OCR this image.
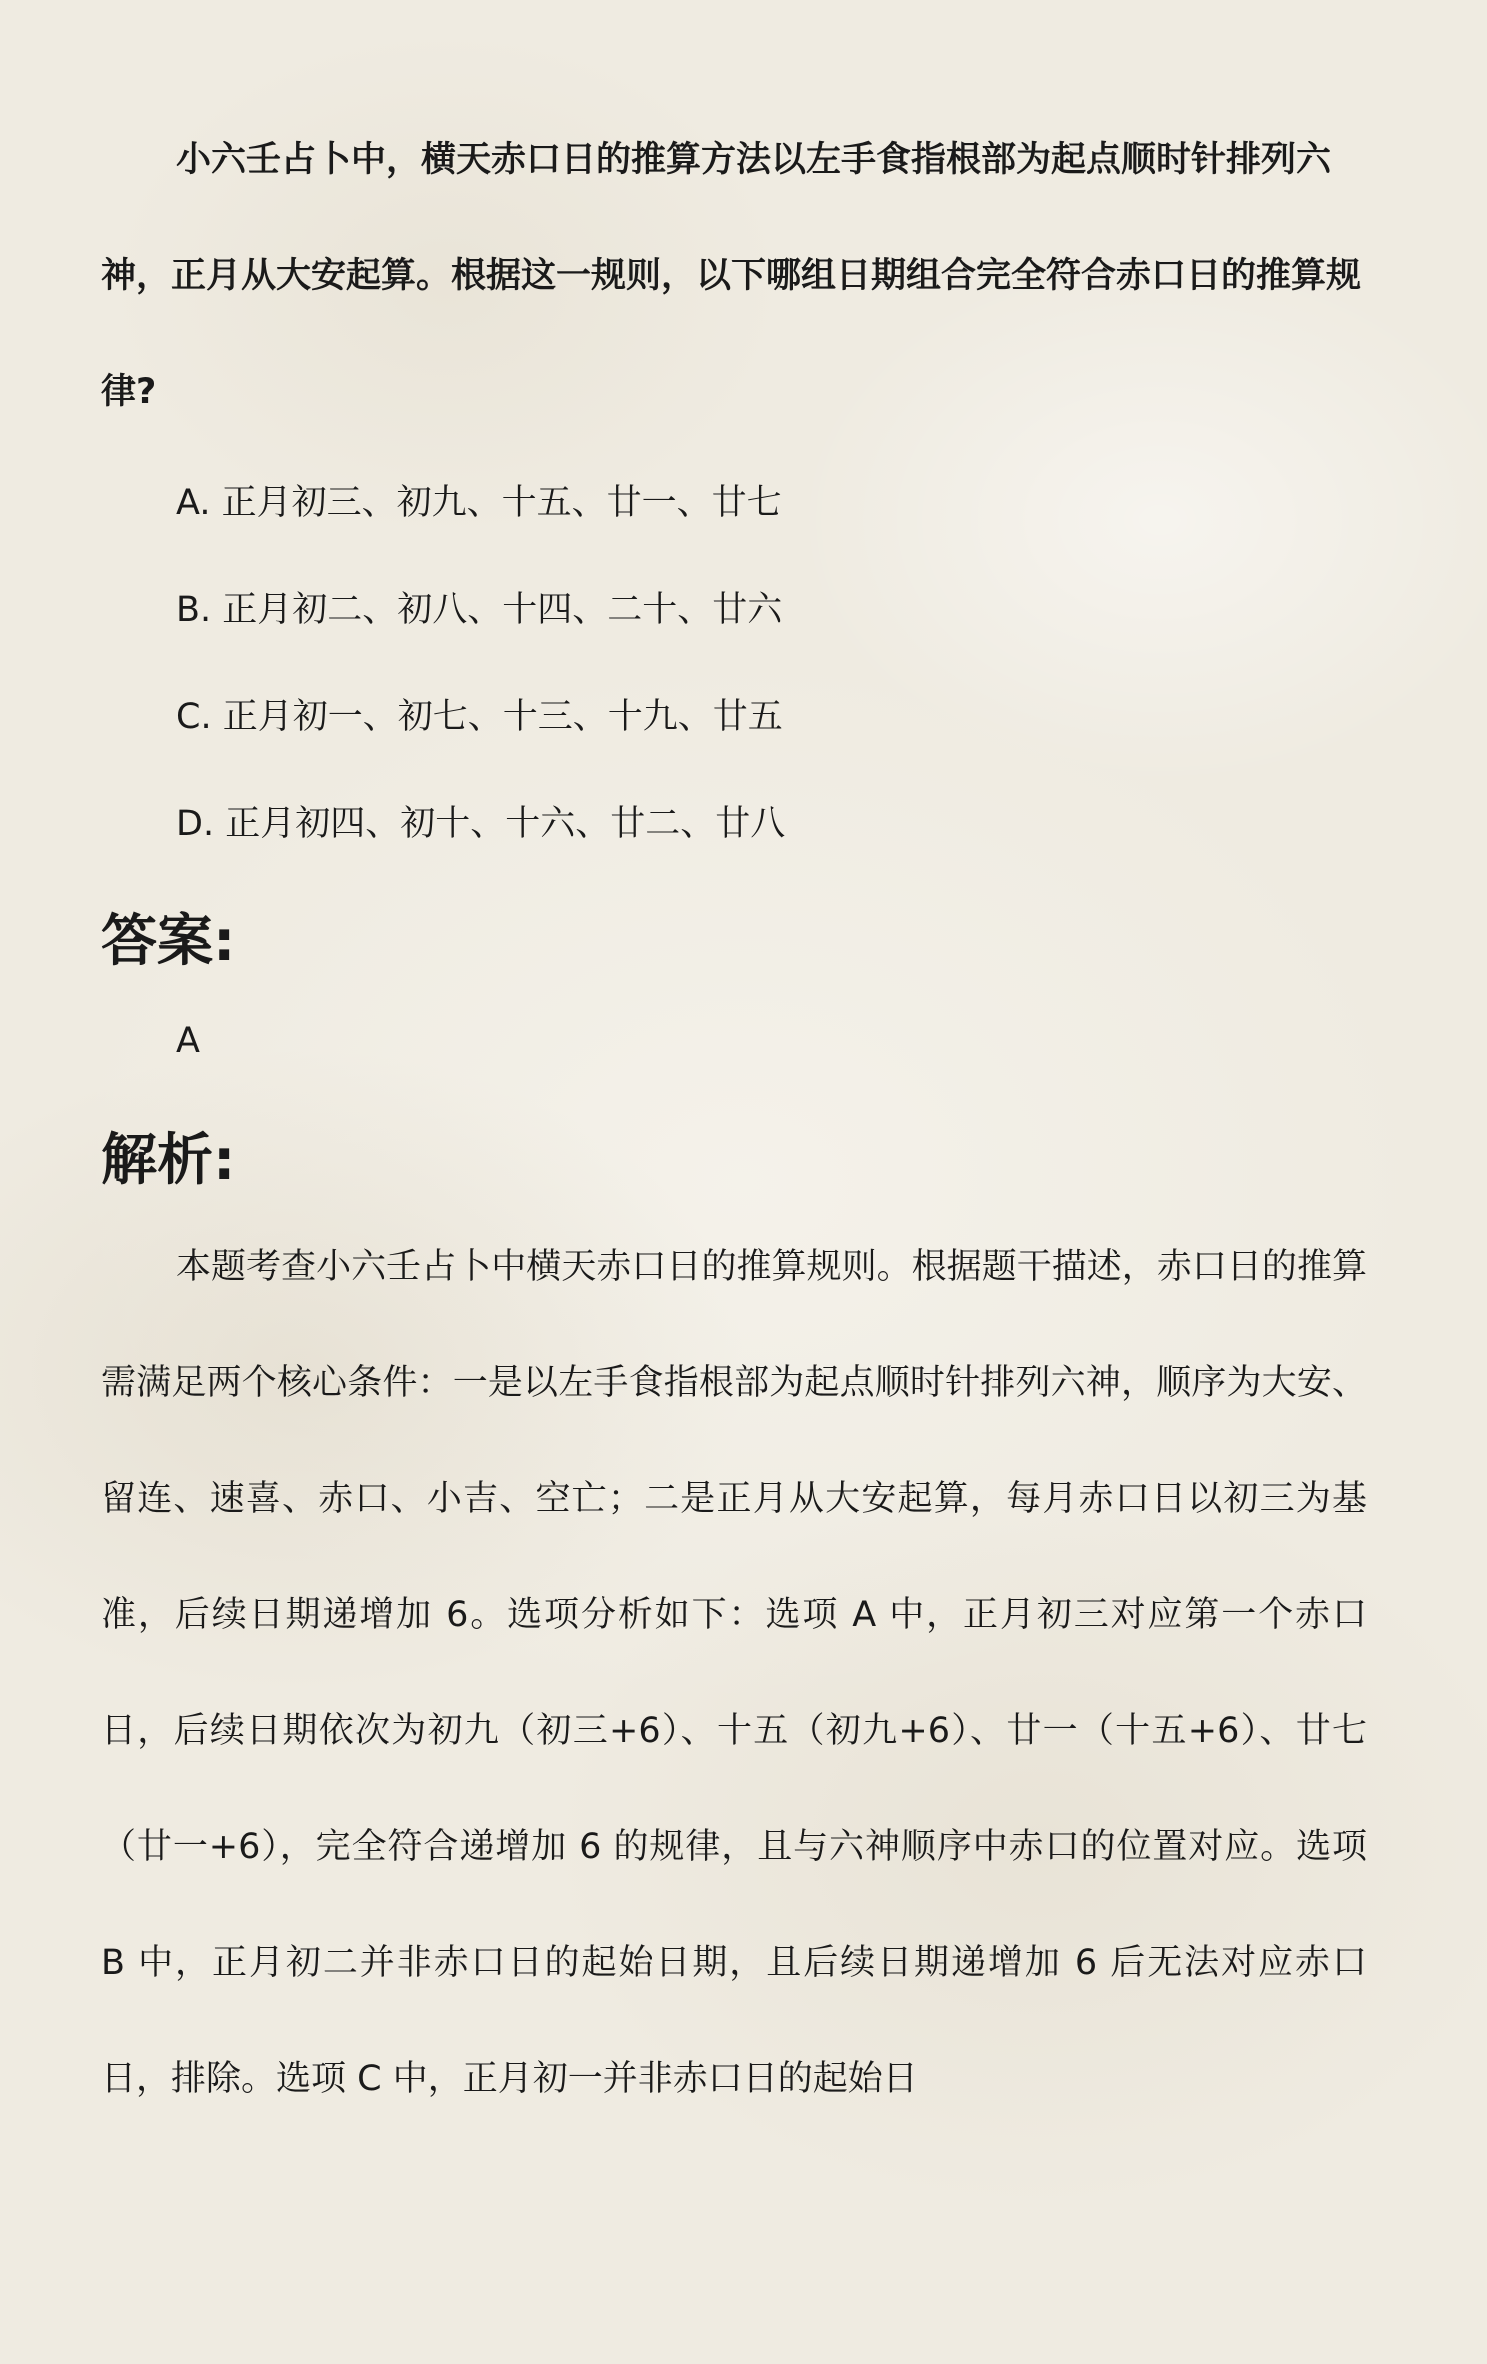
小六壬占卜中，横天赤口日的推算方法以左手食指根部为起点顺时针排列六神，正月从大安起算。根据这一规则，以下哪组日期组合完全符合赤口日的推算规律?

A. 正月初三、初九、十五、廿一、廿七
B. 正月初二、初八、十四、二十、廿六
C. 正月初一、初七、十三、十九、廿五
D. 正月初四、初十、十六、廿二、廿八
答案:
A
解析:

本题考查小六壬占卜中横天赤口日的推算规则。根据题干描述，赤口日的推算需满足两个核心条件：一是以左手食指根部为起点顺时针排列六神，顺序为大安、留连、速喜、赤口、小吉、空亡；二是正月从大安起算，每月赤口日以初三为基准，后续日期递增加 6。选项分析如下：选项 A 中，正月初三对应第一个赤口日，后续日期依次为初九（初三+6）、十五（初九+6）、廿一（十五+6）、廿七（廿一+6），完全符合递增加 6 的规律，且与六神顺序中赤口的位置对应。选项 B 中，正月初二并非赤口日的起始日期，且后续日期递增加 6 后无法对应赤口日，排除。选项 C 中，正月初一并非赤口日的起始日
